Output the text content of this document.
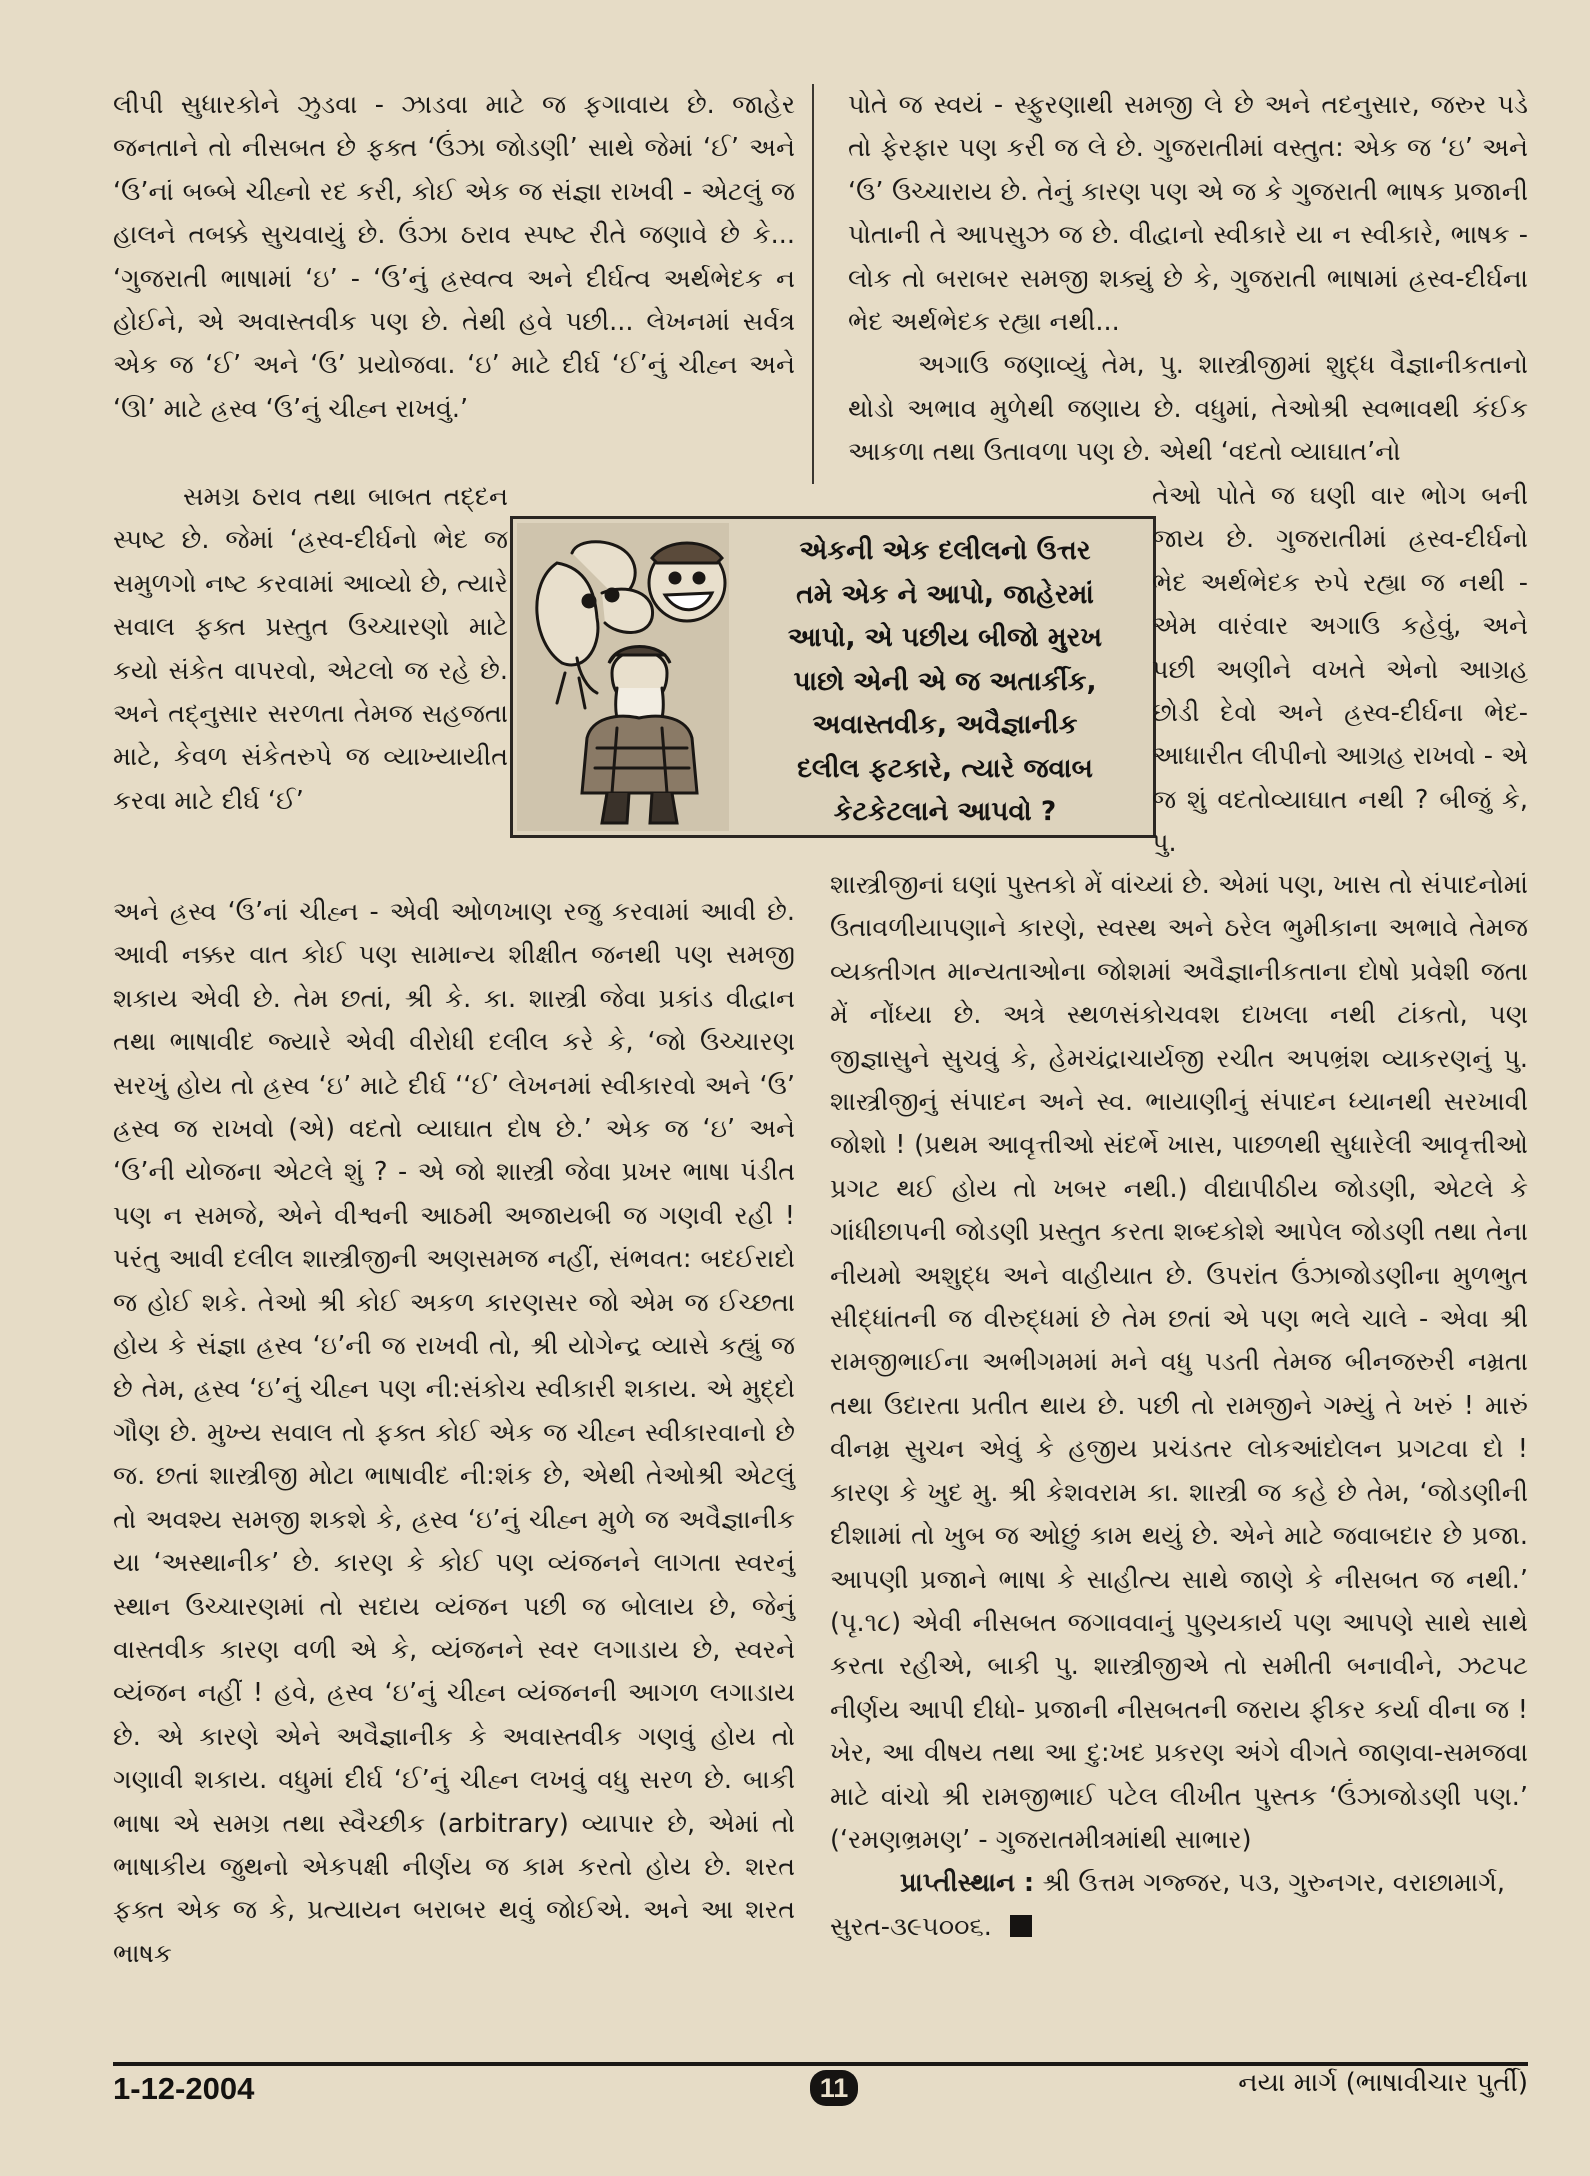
લીપી સુધારકોને ઝુડવા - ઝાડવા માટે જ ફગાવાય છે. જાહેર જનતાને તો નીસબત છે ફક્ત ‘ઉંઝા જોડણી’ સાથે જેમાં ‘ઈ’ અને ‘ઉ’નાં બબ્બે ચીહ્નો રદ કરી, કોઈ એક જ સંજ્ઞા રાખવી - એટલું જ હાલને તબક્કે સુચવાયું છે. ઉંઝા ઠરાવ સ્પષ્ટ રીતે જણાવે છે કે... ‘ગુજરાતી ભાષામાં ‘ઇ’ - ‘ઉ’નું હ્રસ્વત્વ અને દીર્ઘત્વ અર્થભેદક ન હોઈને, એ અવાસ્તવીક પણ છે. તેથી હવે પછી... લેખનમાં સર્વત્ર એક જ ‘ઈ’ અને ‘ઉ’ પ્રયોજવા. ‘ઇ’ માટે દીર્ઘ ‘ઈ’નું ચીહ્ન અને ‘ઊ’ માટે હ્રસ્વ ‘ઉ’નું ચીહ્ન રાખવું.’

સમગ્ર ઠરાવ તથા બાબત તદ્દન સ્પષ્ટ છે. જેમાં ‘હ્રસ્વ-દીર્ઘનો ભેદ જ સમુળગો નષ્ટ કરવામાં આવ્યો છે, ત્યારે સવાલ ફક્ત પ્રસ્તુત ઉચ્ચારણો માટે કયો સંકેત વાપરવો, એટલો જ રહે છે. અને તદ્નુસાર સરળતા તેમજ સહજતા માટે, કેવળ સંકેતરુપે જ વ્યાખ્યાયીત કરવા માટે દીર્ઘ ‘ઈ’

એકની એક દલીલનો ઉત્તર
તમે એક ને આપો, જાહેરમાં
આપો, એ પછીય બીજો મુરખ
પાછો એની એ જ અતાર્કીક,
અવાસ્તવીક, અવૈજ્ઞાનીક
દલીલ ફટકારે, ત્યારે જવાબ
કેટકેટલાને આપવો ?

અને હ્રસ્વ ‘ઉ’નાં ચીહ્ન - એવી ઓળખાણ રજુ કરવામાં આવી છે. આવી નક્કર વાત કોઈ પણ સામાન્ય શીક્ષીત જનથી પણ સમજી શકાય એવી છે. તેમ છતાં, શ્રી કે. કા. શાસ્ત્રી જેવા પ્રકાંડ વીદ્વાન તથા ભાષાવીદ જ્યારે એવી વીરોધી દલીલ કરે કે, ‘જો ઉચ્ચારણ સરખું હોય તો હ્રસ્વ ‘ઇ’ માટે દીર્ઘ ‘‘ઈ’ લેખનમાં સ્વીકારવો અને ‘ઉ’ હ્રસ્વ જ રાખવો (એ) વદતો વ્યાઘાત દોષ છે.’ એક જ ‘ઇ’ અને ‘ઉ’ની યોજના એટલે શું ? - એ જો શાસ્ત્રી જેવા પ્રખર ભાષા પંડીત પણ ન સમજે, એને વીશ્વની આઠમી અજાયબી જ ગણવી રહી ! પરંતુ આવી દલીલ શાસ્ત્રીજીની અણસમજ નહીં, સંભવત: બદઈરાદો જ હોઈ શકે. તેઓ શ્રી કોઈ અકળ કારણસર જો એમ જ ઈચ્છતા હોય કે સંજ્ઞા હ્રસ્વ ‘ઇ’ની જ રાખવી તો, શ્રી યોગેન્દ્ર વ્યાસે કહ્યું જ છે તેમ, હ્રસ્વ ‘ઇ’નું ચીહ્ન પણ ની:સંકોચ સ્વીકારી શકાય. એ મુદ્દો ગૌણ છે. મુખ્ય સવાલ તો ફક્ત કોઈ એક જ ચીહ્ન સ્વીકારવાનો છે જ. છતાં શાસ્ત્રીજી મોટા ભાષાવીદ ની:શંક છે, એથી તેઓશ્રી એટલું તો અવશ્ય સમજી શકશે કે, હ્રસ્વ ‘ઇ’નું ચીહ્ન મુળે જ અવૈજ્ઞાનીક યા ‘અસ્થાનીક’ છે. કારણ કે કોઈ પણ વ્યંજનને લાગતા સ્વરનું સ્થાન ઉચ્ચારણમાં તો સદાય વ્યંજન પછી જ બોલાય છે, જેનું વાસ્તવીક કારણ વળી એ કે, વ્યંજનને સ્વર લગાડાય છે, સ્વરને વ્યંજન નહીં ! હવે, હ્રસ્વ ‘ઇ’નું ચીહ્ન વ્યંજનની આગળ લગાડાય છે. એ કારણે એને અવૈજ્ઞાનીક કે અવાસ્તવીક ગણવું હોય તો ગણાવી શકાય. વધુમાં દીર્ઘ ‘ઈ’નું ચીહ્ન લખવું વધુ સરળ છે. બાકી ભાષા એ સમગ્ર તથા સ્વૈચ્છીક (arbitrary) વ્યાપાર છે, એમાં તો ભાષાકીય જુથનો એકપક્ષી નીર્ણય જ કામ કરતો હોય છે. શરત ફક્ત એક જ કે, પ્રત્યાયન બરાબર થવું જોઈએ. અને આ શરત ભાષક

પોતે જ સ્વયં - સ્ફુરણાથી સમજી લે છે અને તદનુસાર, જરુર પડે તો ફેરફાર પણ કરી જ લે છે. ગુજરાતીમાં વસ્તુત: એક જ ‘ઇ’ અને ‘ઉ’ ઉચ્ચારાય છે. તેનું કારણ પણ એ જ કે ગુજરાતી ભાષક પ્રજાની પોતાની તે આપસુઝ જ છે. વીદ્વાનો સ્વીકારે યા ન સ્વીકારે, ભાષક - લોક તો બરાબર સમજી શક્યું છે કે, ગુજરાતી ભાષામાં હ્રસ્વ-દીર્ઘના ભેદ અર્થભેદક રહ્યા નથી...

અગાઉ જણાવ્યું તેમ, પુ. શાસ્ત્રીજીમાં શુદ્ધ વૈજ્ઞાનીકતાનો થોડો અભાવ મુળેથી જણાય છે. વધુમાં, તેઓશ્રી સ્વભાવથી કંઈક આકળા તથા ઉતાવળા પણ છે. એથી ‘વદતો વ્યાઘાત’નો

તેઓ પોતે જ ઘણી વાર ભોગ બની જાય છે. ગુજરાતીમાં હ્રસ્વ-દીર્ઘનો ભેદ અર્થભેદક રુપે રહ્યા જ નથી - એમ વારંવાર અગાઉ કહેવું, અને પછી અણીને વખતે એનો આગ્રહ છોડી દેવો અને હ્રસ્વ-દીર્ઘના ભેદ-આધારીત લીપીનો આગ્રહ રાખવો - એ જ શું વદતોવ્યાઘાત નથી ? બીજું કે, પુ.

શાસ્ત્રીજીનાં ઘણાં પુસ્તકો મેં વાંચ્યાં છે. એમાં પણ, ખાસ તો સંપાદનોમાં ઉતાવળીયાપણાને કારણે, સ્વસ્થ અને ઠરેલ ભુમીકાના અભાવે તેમજ વ્યક્તીગત માન્યતાઓના જોશમાં અવૈજ્ઞાનીકતાના દોષો પ્રવેશી જતા મેં નોંધ્યા છે. અત્રે સ્થળસંકોચવશ દાખલા નથી ટાંકતો, પણ જીજ્ઞાસુને સુચવું કે, હેમચંદ્રાચાર્યજી રચીત અપભ્રંશ વ્યાકરણનું પુ. શાસ્ત્રીજીનું સંપાદન અને સ્વ. ભાયાણીનું સંપાદન ધ્યાનથી સરખાવી જોશો ! (પ્રથમ આવૃત્તીઓ સંદર્ભે ખાસ, પાછળથી સુધારેલી આવૃત્તીઓ પ્રગટ થઈ હોય તો ખબર નથી.) વીદ્યાપીઠીય જોડણી, એટલે કે ગાંધીછાપની જોડણી પ્રસ્તુત કરતા શબ્દકોશે આપેલ જોડણી તથા તેના નીયમો અશુદ્ધ અને વાહીયાત છે. ઉપરાંત ઉંઝાજોડણીના મુળભુત સીદ્ધાંતની જ વીરુદ્ધમાં છે તેમ છતાં એ પણ ભલે ચાલે - એવા શ્રી રામજીભાઈના અભીગમમાં મને વધુ પડતી તેમજ બીનજરુરી નમ્રતા તથા ઉદારતા પ્રતીત થાય છે. પછી તો રામજીને ગમ્યું તે ખરું ! મારું વીનમ્ર સુચન એવું કે હજીય પ્રચંડતર લોકઆંદોલન પ્રગટવા દો ! કારણ કે ખુદ મુ. શ્રી કેશવરામ કા. શાસ્ત્રી જ કહે છે તેમ, ‘જોડણીની દીશામાં તો ખુબ જ ઓછું કામ થયું છે. એને માટે જવાબદાર છે પ્રજા. આપણી પ્રજાને ભાષા કે સાહીત્ય સાથે જાણે કે નીસબત જ નથી.’ (પૃ.૧૮) એવી નીસબત જગાવવાનું પુણ્યકાર્ય પણ આપણે સાથે સાથે કરતા રહીએ, બાકી પુ. શાસ્ત્રીજીએ તો સમીતી બનાવીને, ઝટપટ નીર્ણય આપી દીધો- પ્રજાની નીસબતની જરાય ફીકર કર્યા વીના જ ! ખેર, આ વીષય તથા આ દુ:ખદ પ્રકરણ અંગે વીગતે જાણવા-સમજવા માટે વાંચો શ્રી રામજીભાઈ પટેલ લીખીત પુસ્તક ‘ઉંઝાજોડણી પણ.’ (‘રમણભ્રમણ’ - ગુજરાતમીત્રમાંથી સાભાર)

પ્રાપ્તીસ્થાન : શ્રી ઉત્તમ ગજ્જર, ૫૩, ગુરુનગર, વરાછામાર્ગ, સુરત-૩૯૫૦૦૬.

1-12-2004	11	નયા માર્ગ (ભાષાવીચાર પુર્તી)
